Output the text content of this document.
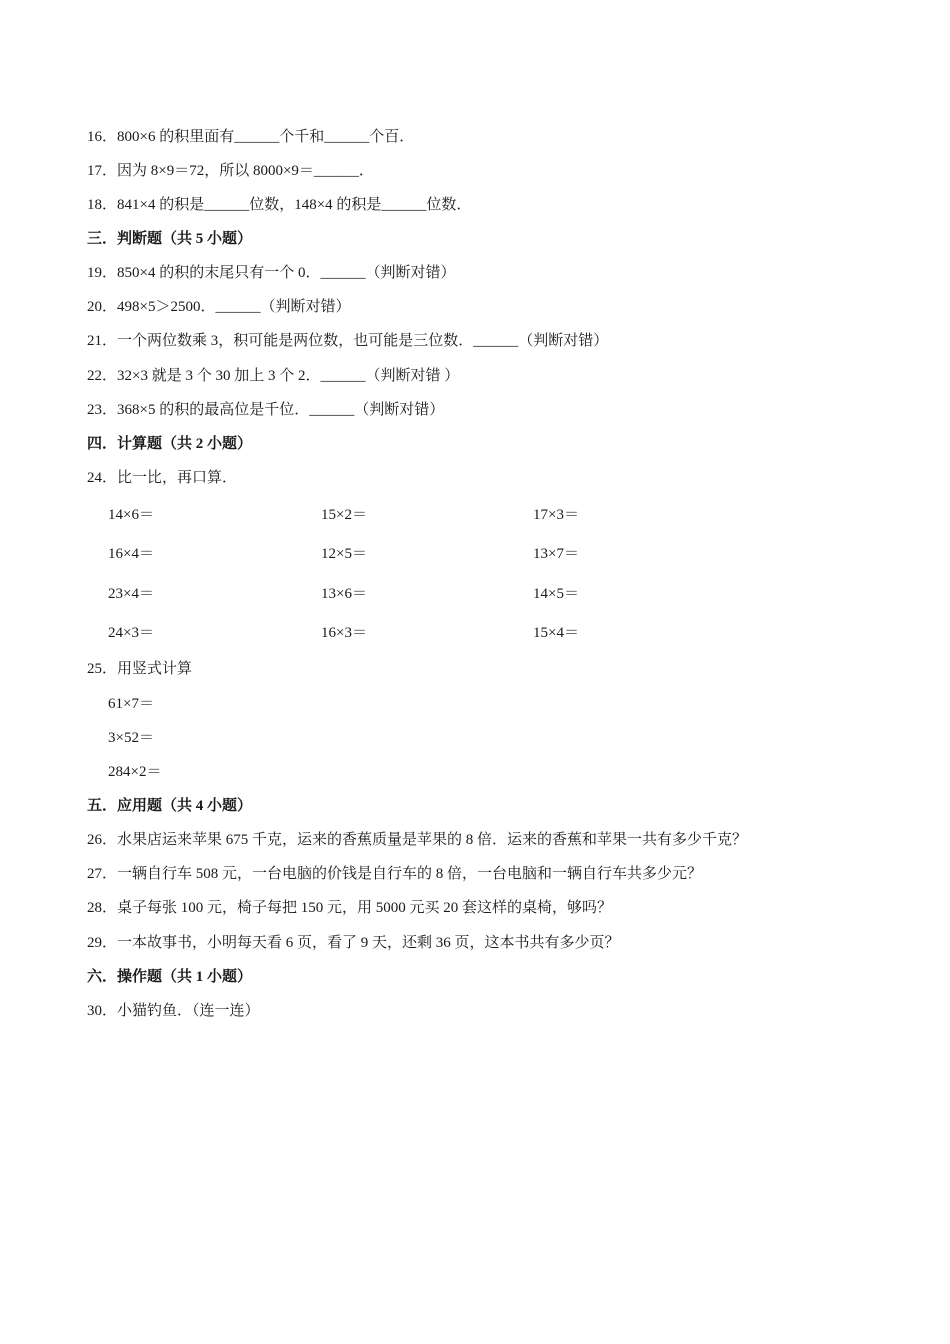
16．800×6 的积里面有______个千和______个百．
17．因为 8×9＝72，所以 8000×9＝______．
18．841×4 的积是______位数，148×4 的积是______位数．
三．判断题（共 5 小题）
19．850×4 的积的末尾只有一个 0．______（判断对错）
20．498×5＞2500．______（判断对错）
21．一个两位数乘 3，积可能是两位数，也可能是三位数．______（判断对错）
22．32×3 就是 3 个 30 加上 3 个 2．______（判断对错 ）
23．368×5 的积的最高位是千位．______（判断对错）
四．计算题（共 2 小题）
24．比一比，再口算．
14×6＝	15×2＝	17×3＝
16×4＝	12×5＝	13×7＝
23×4＝	13×6＝	14×5＝
24×3＝	16×3＝	15×4＝
25．用竖式计算
61×7＝
3×52＝
284×2＝
五．应用题（共 4 小题）
26．水果店运来苹果 675 千克，运来的香蕉质量是苹果的 8 倍．运来的香蕉和苹果一共有多少千克？
27．一辆自行车 508 元，一台电脑的价钱是自行车的 8 倍，一台电脑和一辆自行车共多少元？
28．桌子每张 100 元，椅子每把 150 元，用 5000 元买 20 套这样的桌椅，够吗？
29．一本故事书，小明每天看 6 页，看了 9 天，还剩 36 页，这本书共有多少页？
六．操作题（共 1 小题）
30．小猫钓鱼．（连一连）
